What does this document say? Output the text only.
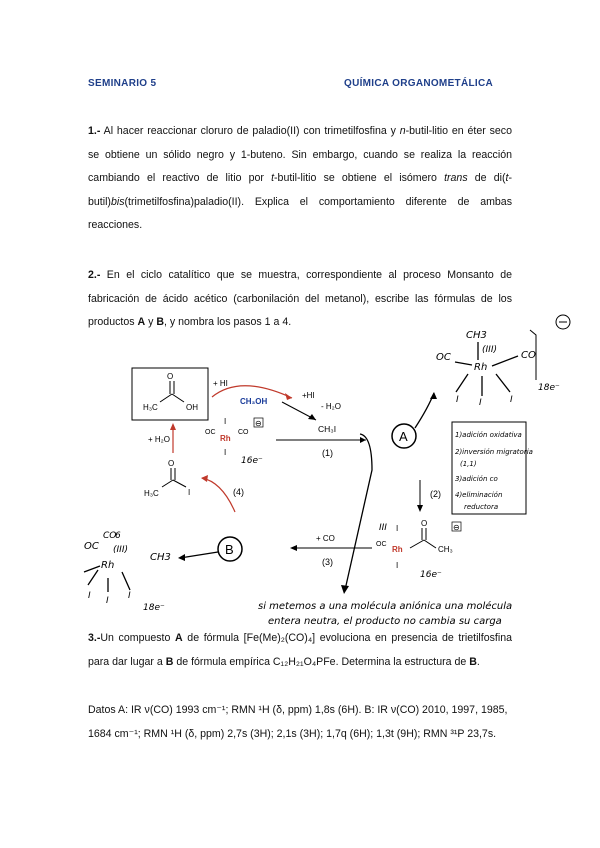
SEMINARIO 5	QUÍMICA ORGANOMETÁLICA
1.- Al hacer reaccionar cloruro de paladio(II) con trimetilfosfina y n-butil-litio en éter seco se obtiene un sólido negro y 1-buteno. Sin embargo, cuando se realiza la reacción cambiando el reactivo de litio por t-butil-litio se obtiene el isómero trans de di(t-butil)bis(trimetilfosfina)paladio(II). Explica el comportamiento diferente de ambas reacciones.
2.- En el ciclo catalítico que se muestra, correspondiente al proceso Monsanto de fabricación de ácido acético (carbonilación del metanol), escribe las fórmulas de los productos A y B, y nombra los pasos 1 a 4.
H₃C
O
OH
+ HI
CH₃OH
+HI
- H₂O
CH₃I
OC
Rh
CO
I
I
⊖
16e⁻
(1)
+ H₂O
O
H₃C	I	(4)
A
(2)
Rh
OC
I
I
O
CH₃
⊖
III
16e⁻
+ CO
(3)
B
OC
CO
(III)
6
CH3
Rh
I I I
18e⁻
CH3
(III)
OC
Rh
CO
I I	I
18e⁻
1)adición oxidativa
2)inversión migratoria
(1,1)
3)adición co
4)eliminación
reductora
si metemos a una molécula aniónica una molécula
entera neutra, el producto no cambia su carga
3.-Un compuesto A de fórmula [Fe(Me)₂(CO)₄] evoluciona en presencia de trietilfosfina para dar lugar a B de fórmula empírica C₁₂H₂₁O₄PFe. Determina la estructura de B.
Datos A: IR ν(CO) 1993 cm⁻¹; RMN ¹H (δ, ppm) 1,8s (6H). B: IR ν(CO) 2010, 1997, 1985, 1684 cm⁻¹; RMN ¹H (δ, ppm) 2,7s (3H); 2,1s (3H); 1,7q (6H); 1,3t (9H); RMN ³¹P 23,7s.
